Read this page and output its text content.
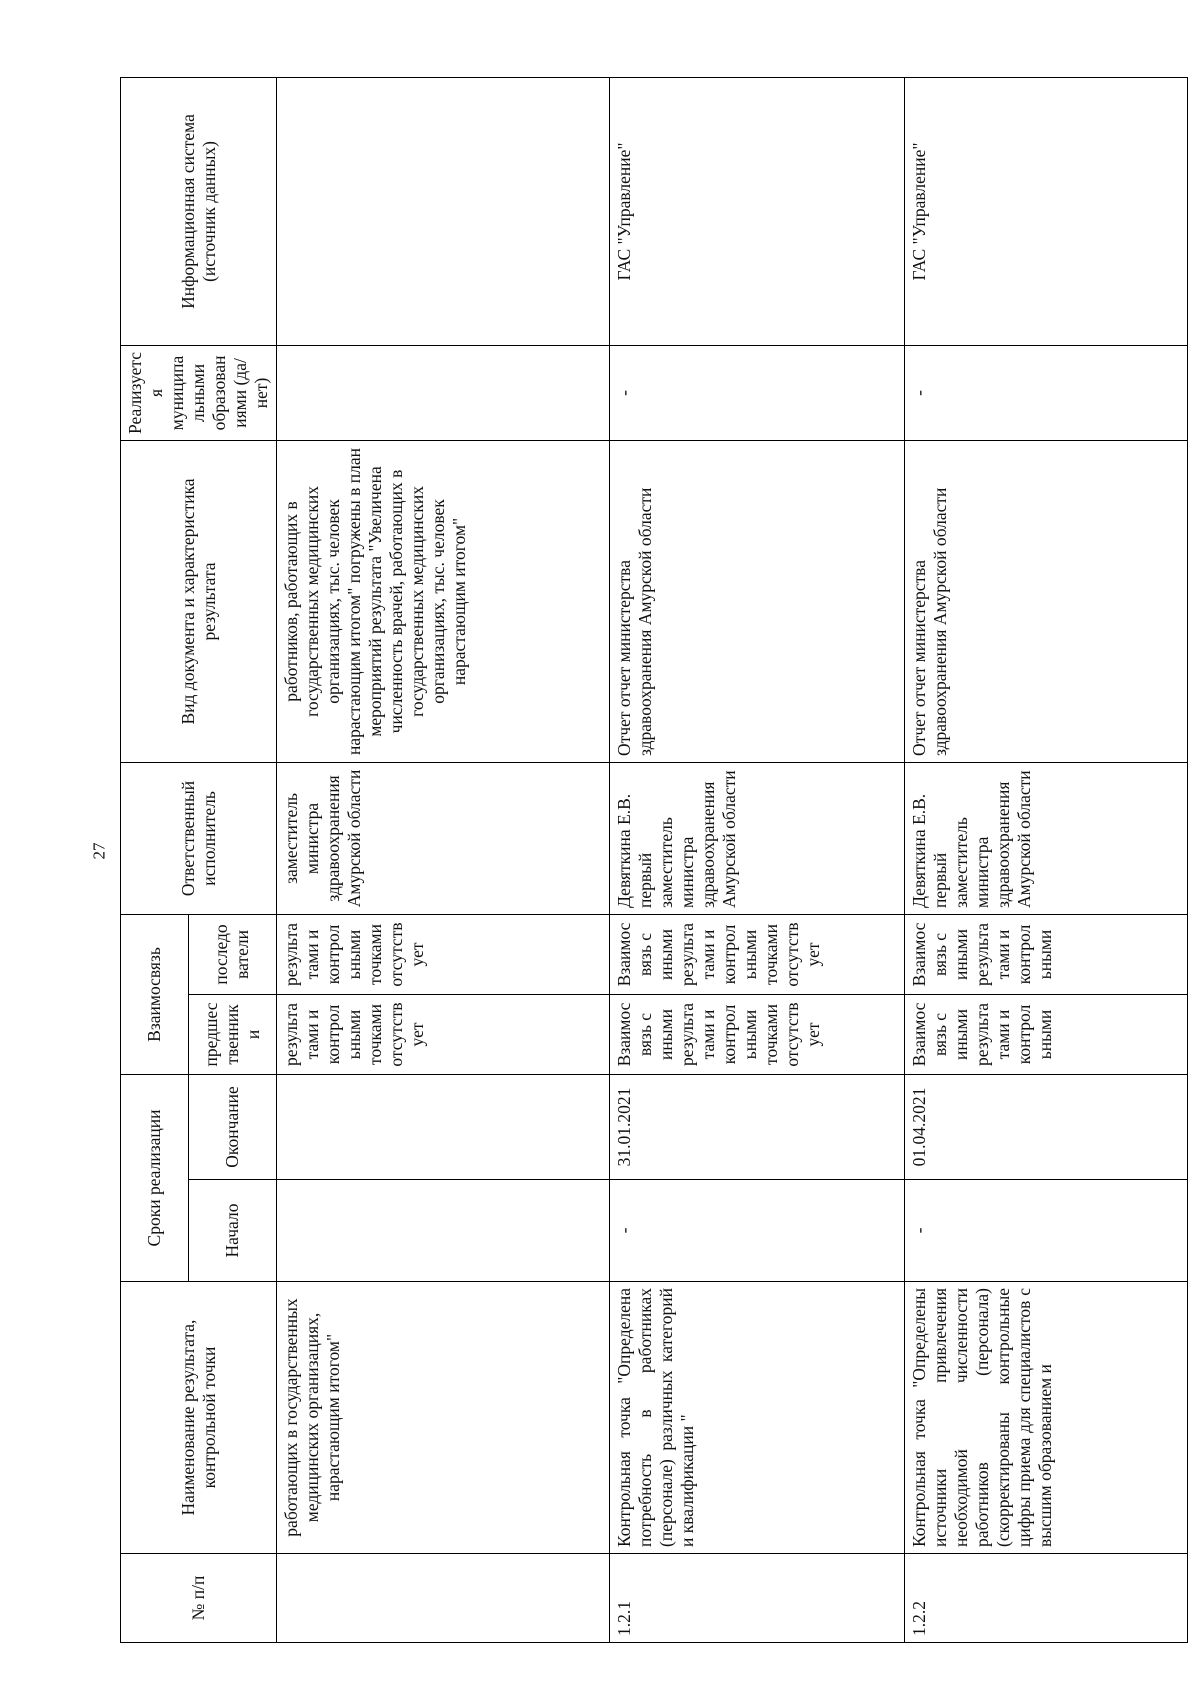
27
№ п/п	Наименование результата, контрольной точки	Сроки реализации		Взаимосвязь		Ответственный исполнитель	Вид документа и характеристика результата	Реализуется муниципальными образованиями (да/нет)	Информационная система (источник данных)
		Начало	Окончание	предшественники	последователи				
	работающих в государственных медицинских организациях, нарастающим итогом"			результатами и контрольными точками отсутствует	результатами и контрольными точками отсутствует	заместитель министра здравоохранения Амурской области	работников, работающих в государственных медицинских организациях, тыс. человек нарастающим итогом" погружены в план мероприятий результата "Увеличена численность врачей, работающих в государственных медицинских организациях, тыс. человек нарастающим итогом"		
1.2.1	Контрольная точка "Определена потребность в работниках (персонале) различных категорий и квалификации "	-	31.01.2021	Взаимосвязь с иными результатами и контрольными точками отсутствует	Взаимосвязь с иными результатами и контрольными точками отсутствует	Девяткина Е.В. первый заместитель министра здравоохранения Амурской области	Отчет отчет министерства здравоохранения Амурской области	-	ГАС "Управление"
1.2.2	Контрольная точка "Определены источники привлечения необходимой численности работников (персонала) (скорректированы контрольные цифры приема для специалистов с высшим образованием и	-	01.04.2021	Взаимосвязь с иными результатами и контрольными	Взаимосвязь с иными результатами и контрольными	Девяткина Е.В. первый заместитель министра здравоохранения Амурской области	Отчет отчет министерства здравоохранения Амурской области	-	ГАС "Управление"
